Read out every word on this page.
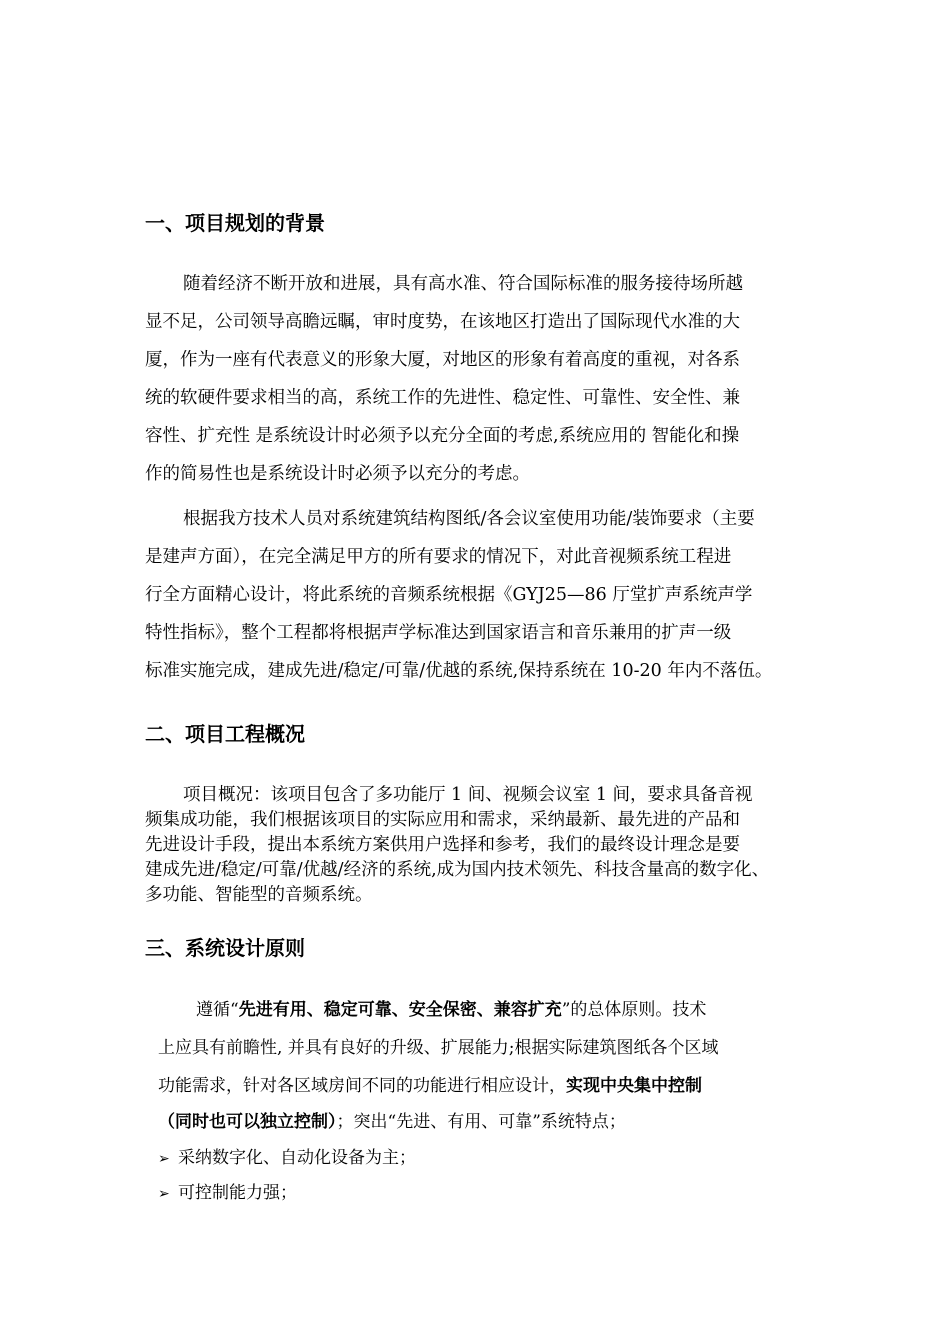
一、项目规划的背景
随着经济不断开放和进展，具有高水准、符合国际标准的服务接待场所越
显不足，公司领导高瞻远瞩，审时度势，在该地区打造出了国际现代水准的大
厦，作为一座有代表意义的形象大厦，对地区的形象有着高度的重视，对各系
统的软硬件要求相当的高，系统工作的先进性、稳定性、可靠性、安全性、兼
容性、扩充性 是系统设计时必须予以充分全面的考虑,系统应用的 智能化和操
作的简易性也是系统设计时必须予以充分的考虑。
根据我方技术人员对系统建筑结构图纸/各会议室使用功能/装饰要求（主要
是建声方面），在完全满足甲方的所有要求的情况下，对此音视频系统工程进
行全方面精心设计，将此系统的音频系统根据《GYJ25—86 厅堂扩声系统声学
特性指标》，整个工程都将根据声学标准达到国家语言和音乐兼用的扩声一级
标准实施完成，建成先进/稳定/可靠/优越的系统,保持系统在 10-20 年内不落伍。
二、项目工程概况
项目概况：该项目包含了多功能厅 1 间、视频会议室 1 间，要求具备音视
频集成功能，我们根据该项目的实际应用和需求，采纳最新、最先进的产品和
先进设计手段，提出本系统方案供用户选择和参考，我们的最终设计理念是要
建成先进/稳定/可靠/优越/经济的系统,成为国内技术领先、科技含量高的数字化、
多功能、智能型的音频系统。
三、系统设计原则
遵循“先进有用、稳定可靠、安全保密、兼容扩充”的总体原则。技术
上应具有前瞻性, 并具有良好的升级、扩展能力;根据实际建筑图纸各个区域
功能需求，针对各区域房间不同的功能进行相应设计，实现中央集中控制
（同时也可以独立控制）；突出“先进、有用、可靠”系统特点；
➢ 采纳数字化、自动化设备为主；
➢ 可控制能力强；
